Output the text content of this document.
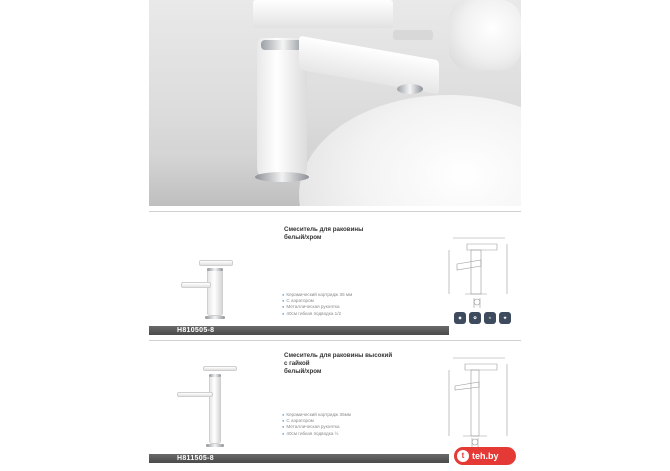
Смеситель для раковины
белый/хром
● Керамический картридж 35 мм
● С аэратором
● Металлическая рукоятка
● 40см гибкая подводка 1/2
H810505-8
◆	✿	≈	★
Смеситель для раковины высокий
с гайкой
белый/хром
● Керамический картридж 35мм
● С аэратором
● Металлическая рукоятка
● 40см гибкая подводка ½
H811505-8	t teh.by
